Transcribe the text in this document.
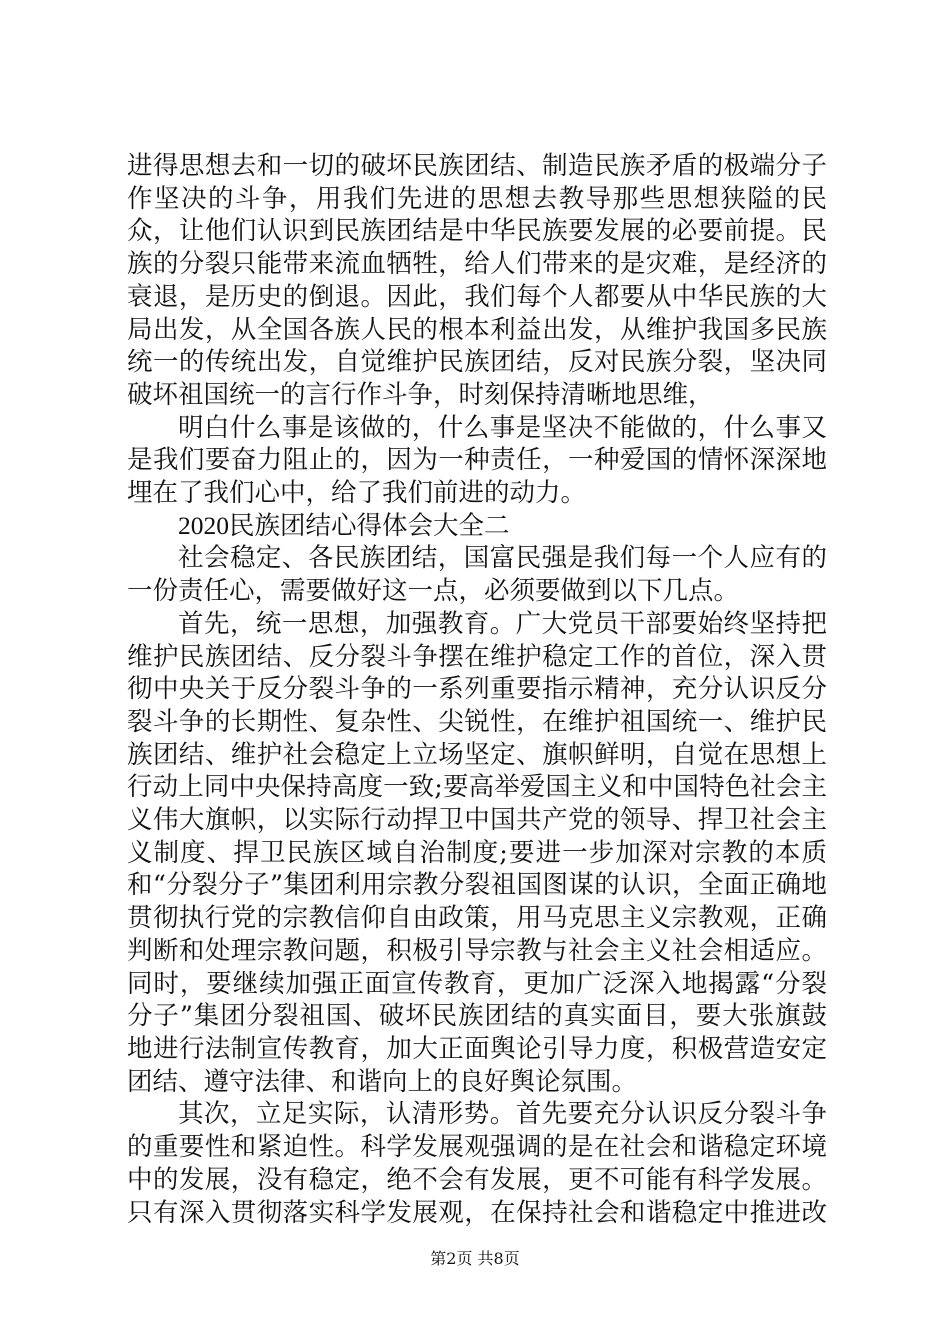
进得思想去和一切的破坏民族团结、制造民族矛盾的极端分子作坚决的斗争，用我们先进的思想去教导那些思想狭隘的民众，让他们认识到民族团结是中华民族要发展的必要前提。民族的分裂只能带来流血牺牲，给人们带来的是灾难，是经济的衰退，是历史的倒退。因此，我们每个人都要从中华民族的大局出发，从全国各族人民的根本利益出发，从维护我国多民族统一的传统出发，自觉维护民族团结，反对民族分裂，坚决同破坏祖国统一的言行作斗争，时刻保持清晰地思维，

明白什么事是该做的，什么事是坚决不能做的，什么事又是我们要奋力阻止的，因为一种责任，一种爱国的情怀深深地埋在了我们心中，给了我们前进的动力。

2020民族团结心得体会大全二

社会稳定、各民族团结，国富民强是我们每一个人应有的一份责任心，需要做好这一点，必须要做到以下几点。

首先，统一思想，加强教育。广大党员干部要始终坚持把维护民族团结、反分裂斗争摆在维护稳定工作的首位，深入贯彻中央关于反分裂斗争的一系列重要指示精神，充分认识反分裂斗争的长期性、复杂性、尖锐性，在维护祖国统一、维护民族团结、维护社会稳定上立场坚定、旗帜鲜明，自觉在思想上行动上同中央保持高度一致;要高举爱国主义和中国特色社会主义伟大旗帜，以实际行动捍卫中国共产党的领导、捍卫社会主义制度、捍卫民族区域自治制度;要进一步加深对宗教的本质和“分裂分子”集团利用宗教分裂祖国图谋的认识，全面正确地贯彻执行党的宗教信仰自由政策，用马克思主义宗教观，正确判断和处理宗教问题，积极引导宗教与社会主义社会相适应。同时，要继续加强正面宣传教育，更加广泛深入地揭露“分裂分子”集团分裂祖国、破坏民族团结的真实面目，要大张旗鼓地进行法制宣传教育，加大正面舆论引导力度，积极营造安定团结、遵守法律、和谐向上的良好舆论氛围。

其次，立足实际，认清形势。首先要充分认识反分裂斗争的重要性和紧迫性。科学发展观强调的是在社会和谐稳定环境中的发展，没有稳定，绝不会有发展，更不可能有科学发展。只有深入贯彻落实科学发展观，在保持社会和谐稳定中推进改

第2页 共8页
